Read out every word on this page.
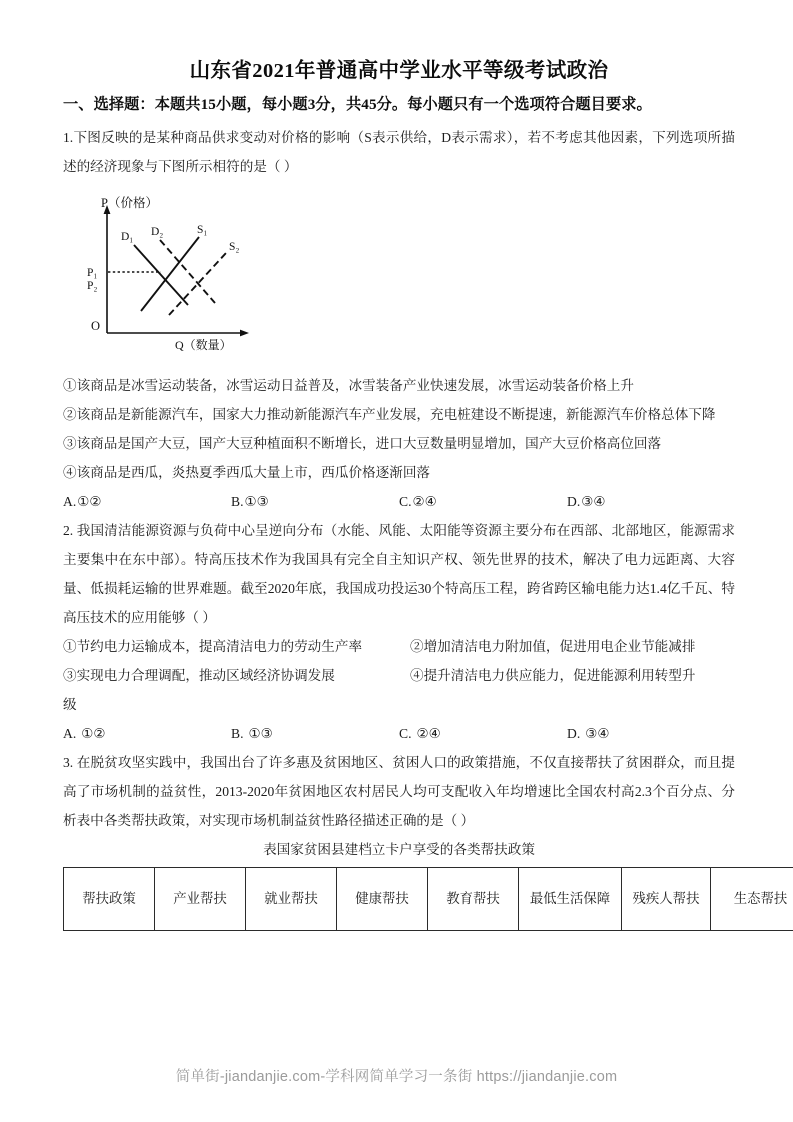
山东省2021年普通高中学业水平等级考试政治
一、选择题：本题共15小题，每小题3分，共45分。每小题只有一个选项符合题目要求。

1.下图反映的是某种商品供求变动对价格的影响（S表示供给，D表示需求），若不考虑其他因素，下列选项所描述的经济现象与下图所示相符的是（ ）

P（价格）
Q（数量）
O
P₁
P₂
D₁ D₂	S₁
S₂
①该商品是冰雪运动装备，冰雪运动日益普及，冰雪装备产业快速发展，冰雪运动装备价格上升
②该商品是新能源汽车，国家大力推动新能源汽车产业发展，充电桩建设不断提速，新能源汽车价格总体下降
③该商品是国产大豆，国产大豆种植面积不断增长，进口大豆数量明显增加，国产大豆价格高位回落
④该商品是西瓜，炎热夏季西瓜大量上市，西瓜价格逐渐回落
A.①②	B.①③	C.②④	D.③④

2. 我国清洁能源资源与负荷中心呈逆向分布（水能、风能、太阳能等资源主要分布在西部、北部地区，能源需求主要集中在东中部）。特高压技术作为我国具有完全自主知识产权、领先世界的技术，解决了电力远距离、大容量、低损耗运输的世界难题。截至2020年底，我国成功投运30个特高压工程，跨省跨区输电能力达1.4亿千瓦、特高压技术的应用能够（ ）

①节约电力运输成本，提高清洁电力的劳动生产率	②增加清洁电力附加值，促进用电企业节能减排
③实现电力合理调配，推动区域经济协调发展	④提升清洁电力供应能力，促进能源利用转型升
级
A. ①②	B. ①③	C. ②④	D. ③④

3. 在脱贫攻坚实践中，我国出台了许多惠及贫困地区、贫困人口的政策措施，不仅直接帮扶了贫困群众，而且提高了市场机制的益贫性，2013-2020年贫困地区农村居民人均可支配收入年均增速比全国农村高2.3个百分点、分析表中各类帮扶政策，对实现市场机制益贫性路径描述正确的是（ ）

表国家贫困县建档立卡户享受的各类帮扶政策
帮扶政策	产业帮扶	就业帮扶	健康帮扶	教育帮扶	最低生活保障	残疾人帮扶	生态帮扶
简单街-jiandanjie.com-学科网简单学习一条街 https://jiandanjie.com
